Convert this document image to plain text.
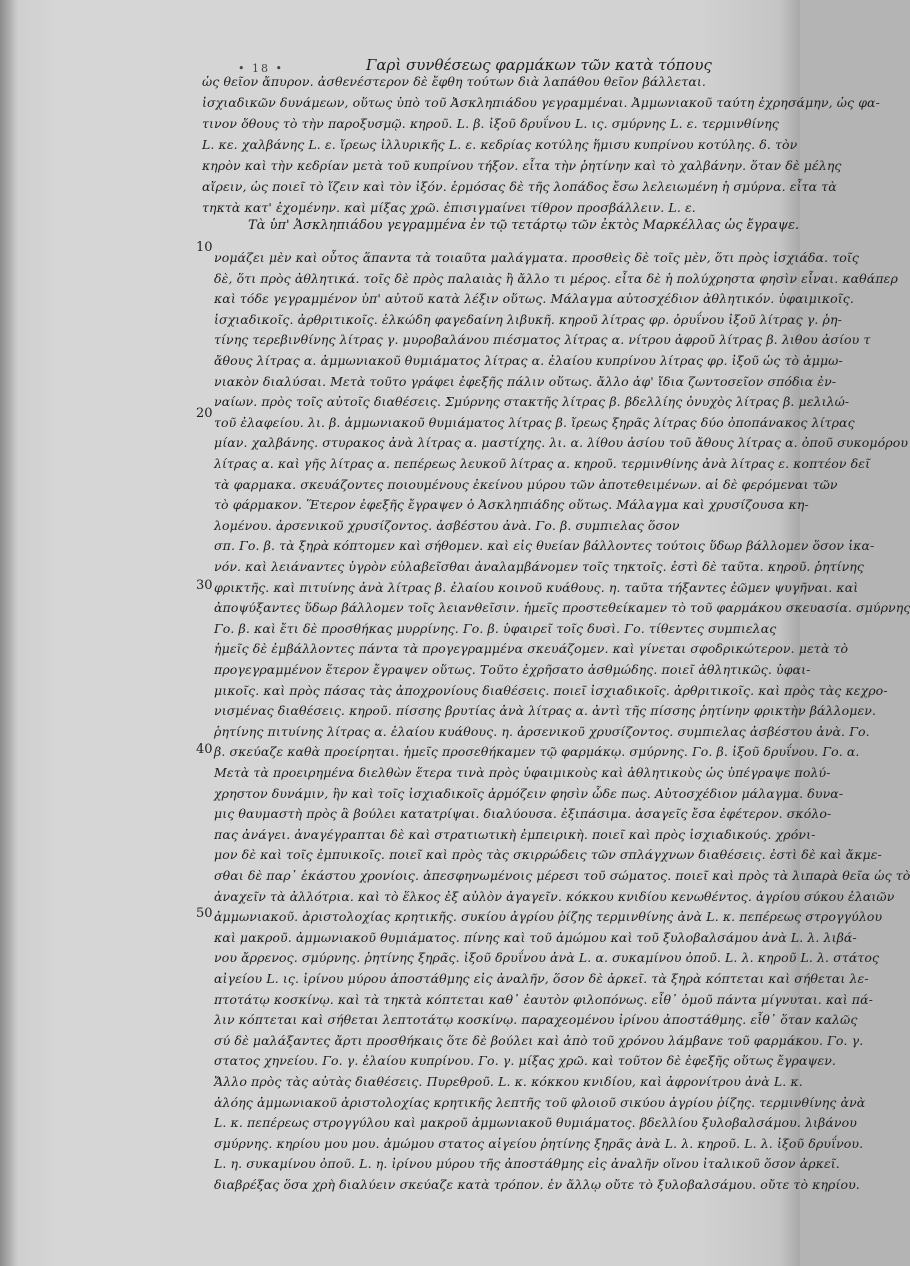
• 18 •	Γαρὶ συνθέσεως φαρμάκων τῶν κατὰ τόπους
ὡς θεῖον ἄπυρον. ἀσθενέστερον δὲ ἔφθη τούτων διὰ λαπάθου θεῖον βάλλεται.
ἰσχιαδικῶν δυνάμεων, οὕτως ὑπὸ τοῦ Ἀσκληπιάδου γεγραμμέναι. Ἀμμωνιακοῦ ταύτη ἐχρησάμην, ὡς φα-
τινον ὄθους τὸ τὴν παροξυσμῷ. κηροῦ. L. β. ἰξοῦ δρυΐνου L. ις. σμύρνης L. ε. τερμινθίνης
L. κε. χαλβάνης L. ε. ἴρεως ἰλλυρικῆς L. ε. κεδρίας κοτύλης ἥμισυ κυπρίνου κοτύλης. δ. τὸν
κηρὸν καὶ τὴν κεδρίαν μετὰ τοῦ κυπρίνου τήξον. εἶτα τὴν ῥητίνην καὶ τὸ χαλβάνην. ὅταν δὲ μέλης
αἴρειν, ὡς ποιεῖ τὸ ἴζειν καὶ τὸν ἰξόν. ἑρμόσας δὲ τῆς λοπάδος ἔσω λελειωμένη ἡ σμύρνα. εἶτα τὰ
τηκτὰ κατ' ἐχομένην. καὶ μίξας χρῶ. ἐπισιγμαίνει τίθρον προσβάλλειν. L. ε.
Τὰ ὑπ' Ἀσκληπιάδου γεγραμμένα ἐν τῷ τετάρτῳ τῶν ἐκτὸς Μαρκέλλας ὡς ἔγραψε.
10
20
30
40
50
νομάζει μὲν καὶ οὗτος ἅπαντα τὰ τοιαῦτα μαλάγματα. προσθεὶς δὲ τοῖς μὲν, ὅτι πρὸς ἰσχιάδα. τοῖς
δὲ, ὅτι πρὸς ἀθλητικά. τοῖς δὲ πρὸς παλαιὰς ἢ ἄλλο τι μέρος. εἶτα δὲ ἡ πολύχρηστα φησὶν εἶναι. καθάπερ
καὶ τόδε γεγραμμένον ὑπ' αὐτοῦ κατὰ λέξιν οὕτως. Μάλαγμα αὐτοσχέδιον ἀθλητικόν. ὑφαιμικοῖς.
ἰσχιαδικοῖς. ἀρθριτικοῖς. ἑλκώδη φαγεδαίνη λιβυκῆ. κηροῦ λίτρας φρ. ὀρυΐνου ἰξοῦ λίτρας γ. ῥη-
τίνης τερεβινθίνης λίτρας γ. μυροβαλάνου πιέσματος λίτρας α. νίτρου ἀφροῦ λίτρας β. λιθου ἀσίου τ
ἄθους λίτρας α. ἀμμωνιακοῦ θυμιάματος λίτρας α. ἐλαίου κυπρίνου λίτρας φρ. ἰξοῦ ὡς τὸ ἀμμω-
νιακὸν διαλύσαι. Μετὰ τοῦτο γράφει ἐφεξῆς πάλιν οὕτως. ἄλλο ἀφ' ἴδια ζωντοσεῖον σπόδια ἐν-
ναίων. πρὸς τοῖς αὐτοῖς διαθέσεις. Σμύρνης στακτῆς λίτρας β. βδελλίης ὀνυχὸς λίτρας β. μελιλώ-
τοῦ ἐλαφείου. λι. β. ἀμμωνιακοῦ θυμιάματος λίτρας β. ἴρεως ξηρᾶς λίτρας δύο ὀποπάνακος λίτρας
μίαν. χαλβάνης. στυρακος ἀνὰ λίτρας α. μαστίχης. λι. α. λίθου ἀσίου τοῦ ἄθους λίτρας α. ὀποῦ συκομόρου
λίτρας α. καὶ γῆς λίτρας α. πεπέρεως λευκοῦ λίτρας α. κηροῦ. τερμινθίνης ἀνὰ λίτρας ε. κοπτέον δεῖ
τὰ φαρμακα. σκευάζοντες ποιουμένους ἐκείνου μύρου τῶν ἀποτεθειμένων. αἱ δὲ φερόμεναι τῶν
τὸ φάρμακον. Ἕτερον ἐφεξῆς ἔγραψεν ὁ Ἀσκληπιάδης οὕτως. Μάλαγμα καὶ χρυσίζουσα κη-
λομένου. ἀρσενικοῦ χρυσίζοντος. ἀσβέστου ἀνὰ. Γο. β. συμπιελας ὅσον
σπ. Γο. β. τὰ ξηρὰ κόπτομεν καὶ σήθομεν. καὶ εἰς θυείαν βάλλοντες τούτοις ὕδωρ βάλλομεν ὅσον ἱκα-
νόν. καὶ λειάναντες ὑγρὸν εὐλαβεῖσθαι ἀναλαμβάνομεν τοῖς τηκτοῖς. ἐστὶ δὲ ταῦτα. κηροῦ. ῥητίνης
φρικτῆς. καὶ πιτυίνης ἀνὰ λίτρας β. ἐλαίου κοινοῦ κυάθους. η. ταῦτα τήξαντες ἐῶμεν ψυγῆναι. καὶ
ἀποψύξαντες ὕδωρ βάλλομεν τοῖς λειανθεῖσιν. ἡμεῖς προστεθείκαμεν τὸ τοῦ φαρμάκου σκευασία. σμύρνης
Γο. β. καὶ ἔτι δὲ προσθήκας μυρρίνης. Γο. β. ὑφαιρεῖ τοῖς δυσὶ. Γο. τίθεντες συμπιελας
ἡμεῖς δὲ ἐμβάλλοντες πάντα τὰ προγεγραμμένα σκευάζομεν. καὶ γίνεται σφοδρικώτερον. μετὰ τὸ
προγεγραμμένον ἕτερον ἔγραψεν οὕτως. Τοῦτο ἐχρῆσατο ἀσθμώδης. ποιεῖ ἀθλητικῶς. ὑφαι-
μικοῖς. καὶ πρὸς πάσας τὰς ἀποχρονίους διαθέσεις. ποιεῖ ἰσχιαδικοῖς. ἀρθριτικοῖς. καὶ πρὸς τὰς κεχρο-
νισμένας διαθέσεις. κηροῦ. πίσσης βρυτίας ἀνὰ λίτρας α. ἀντὶ τῆς πίσσης ῥητίνην φρικτὴν βάλλομεν.
ῥητίνης πιτυίνης λίτρας α. ἐλαίου κυάθους. η. ἀρσενικοῦ χρυσίζοντος. συμπιελας ἀσβέστου ἀνὰ. Γο.
β. σκεύαζε καθὰ προείρηται. ἡμεῖς προσεθήκαμεν τῷ φαρμάκῳ. σμύρνης. Γο. β. ἰξοῦ δρυΐνου. Γο. α.
Μετὰ τὰ προειρημένα διελθὼν ἕτερα τινὰ πρὸς ὑφαιμικοὺς καὶ ἀθλητικοὺς ὡς ὑπέγραψε πολύ-
χρηστον δυνάμιν, ἣν καὶ τοῖς ἰσχιαδικοῖς ἁρμόζειν φησὶν ὧδε πως. Αὐτοσχέδιον μάλαγμα. δυνα-
μις θαυμαστὴ πρὸς ἃ βούλει κατατρίψαι. διαλύουσα. ἐξιπάσιμα. ἀσαγεῖς ἔσα ἐφέτερον. σκόλο-
πας ἀνάγει. ἀναγέγραπται δὲ καὶ στρατιωτικὴ ἐμπειρικὴ. ποιεῖ καὶ πρὸς ἰσχιαδικούς. χρόνι-
μον δὲ καὶ τοῖς ἐμπυικοῖς. ποιεῖ καὶ πρὸς τὰς σκιρρώδεις τῶν σπλάγχνων διαθέσεις. ἐστὶ δὲ καὶ ἄκμε-
σθαι δὲ παρ᾽ ἑκάστου χρονίοις. ἀπεσφηνωμένοις μέρεσι τοῦ σώματος. ποιεῖ καὶ πρὸς τὰ λιπαρὰ θεῖα ὡς τὸ
ἀναχεῖν τὰ ἀλλότρια. καὶ τὸ ἕλκος ἐξ αὐλὸν ἀγαγεῖν. κόκκου κνιδίου κενωθέντος. ἀγρίου σύκου ἐλαιῶν
ἀμμωνιακοῦ. ἀριστολοχίας κρητικῆς. συκίου ἀγρίου ῥίζης τερμινθίνης ἀνὰ L. κ. πεπέρεως στρογγύλου
καὶ μακροῦ. ἀμμωνιακοῦ θυμιάματος. πίνης καὶ τοῦ ἀμώμου καὶ τοῦ ξυλοβαλσάμου ἀνὰ L. λ. λιβά-
νου ἄρρενος. σμύρνης. ῥητίνης ξηρᾶς. ἰξοῦ δρυΐνου ἀνὰ L. α. συκαμίνου ὀποῦ. L. λ. κηροῦ L. λ. στάτος
αἰγείου L. ις. ἰρίνου μύρου ἀποστάθμης εἰς ἀναλῆν, ὅσον δὲ ἀρκεῖ. τὰ ξηρὰ κόπτεται καὶ σήθεται λε-
πτοτάτῳ κοσκίνῳ. καὶ τὰ τηκτὰ κόπτεται καθ᾽ ἑαυτὸν φιλοπόνως. εἶθ᾽ ὁμοῦ πάντα μίγνυται. καὶ πά-
λιν κόπτεται καὶ σήθεται λεπτοτάτῳ κοσκίνῳ. παραχεομένου ἰρίνου ἀποστάθμης. εἶθ᾽ ὅταν καλῶς
σύ δὲ μαλάξαντες ἄρτι προσθήκαις ὅτε δὲ βούλει καὶ ἀπὸ τοῦ χρόνου λάμβανε τοῦ φαρμάκου. Γο. γ.
στατος χηνείου. Γο. γ. ἐλαίου κυπρίνου. Γο. γ. μίξας χρῶ. καὶ τοῦτον δὲ ἐφεξῆς οὕτως ἔγραψεν.
Ἄλλο πρὸς τὰς αὐτὰς διαθέσεις. Πυρεθροῦ. L. κ. κόκκου κνιδίου, καὶ ἀφρονίτρου ἀνὰ L. κ.
ἀλόης ἀμμωνιακοῦ ἀριστολοχίας κρητικῆς λεπτῆς τοῦ φλοιοῦ σικύου ἀγρίου ῥίζης. τερμινθίνης ἀνὰ
L. κ. πεπέρεως στρογγύλου καὶ μακροῦ ἀμμωνιακοῦ θυμιάματος. βδελλίου ξυλοβαλσάμου. λιβάνου
σμύρνης. κηρίου μου μου. ἀμώμου στατος αἰγείου ῥητίνης ξηρᾶς ἀνὰ L. λ. κηροῦ. L. λ. ἰξοῦ δρυΐνου.
L. η. συκαμίνου ὀποῦ. L. η. ἰρίνου μύρου τῆς ἀποστάθμης εἰς ἀναλῆν οἴνου ἰταλικοῦ ὅσον ἀρκεῖ.
διαβρέξας ὅσα χρὴ διαλύειν σκεύαζε κατὰ τρόπον. ἐν ἄλλῳ οὔτε τὸ ξυλοβαλσάμου. οὔτε τὸ κηρίου.
